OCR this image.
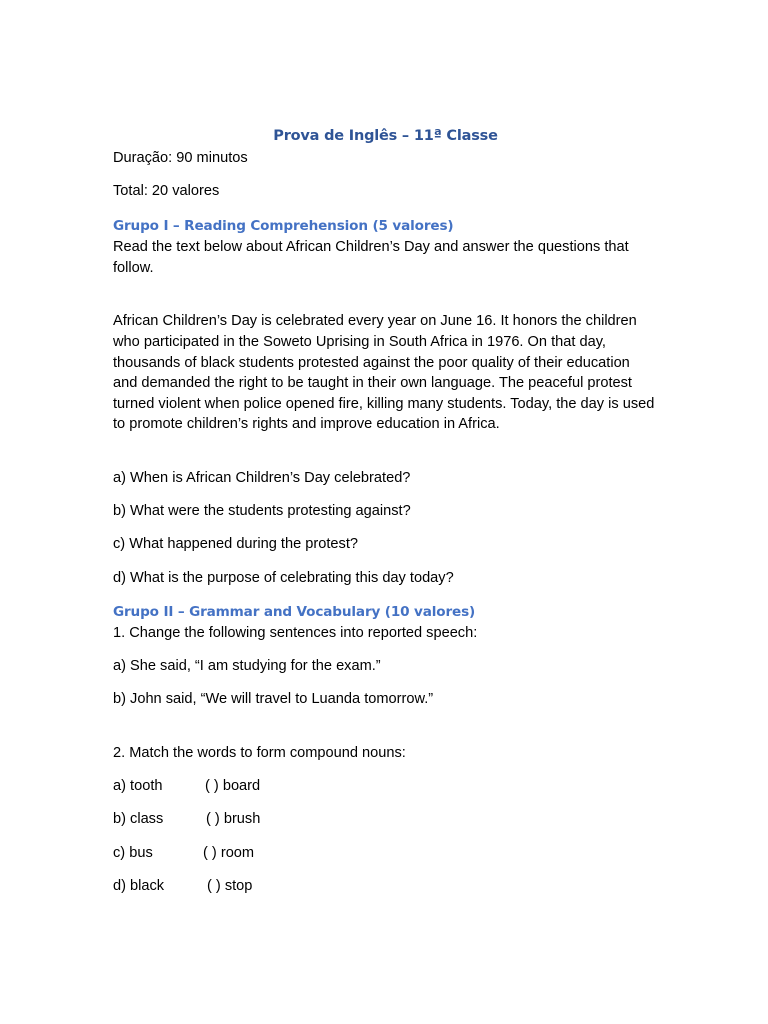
Prova de Inglês – 11ª Classe
Duração: 90 minutos
Total: 20 valores
Grupo I – Reading Comprehension (5 valores)
Read the text below about African Children’s Day and answer the questions that follow.
African Children’s Day is celebrated every year on June 16. It honors the children who participated in the Soweto Uprising in South Africa in 1976. On that day, thousands of black students protested against the poor quality of their education and demanded the right to be taught in their own language. The peaceful protest turned violent when police opened fire, killing many students. Today, the day is used to promote children’s rights and improve education in Africa.
a) When is African Children’s Day celebrated?
b) What were the students protesting against?
c) What happened during the protest?
d) What is the purpose of celebrating this day today?
Grupo II – Grammar and Vocabulary (10 valores)
1. Change the following sentences into reported speech:
a) She said, “I am studying for the exam.”
b) John said, “We will travel to Luanda tomorrow.”
2. Match the words to form compound nouns:
a) tooth	( ) board
b) class	( ) brush
c) bus	( ) room
d) black	( ) stop
